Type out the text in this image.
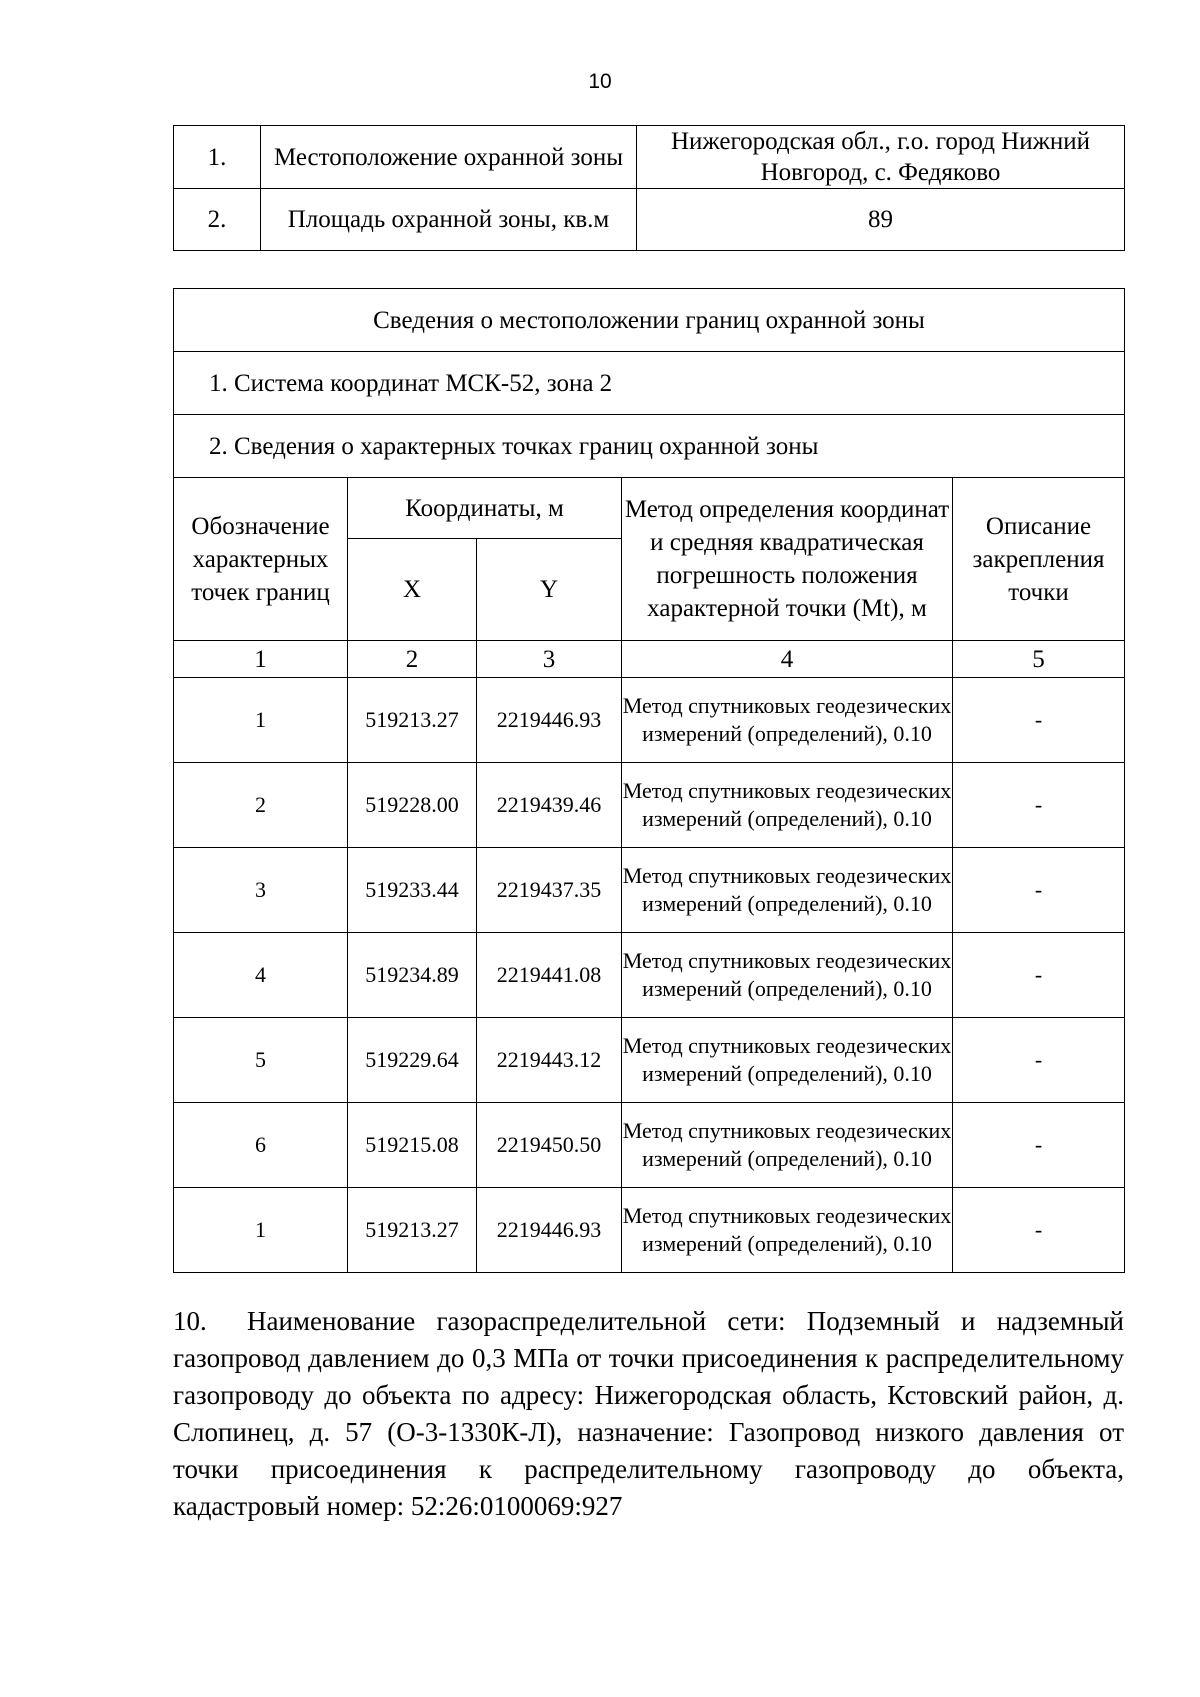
10
1.	Местоположение охранной зоны	Нижегородская обл., г.о. город Нижний Новгород, с. Федяково
2.	Площадь охранной зоны, кв.м	89
Сведения о местоположении границ охранной зоны				
1. Система координат МСК-52, зона 2				
2. Сведения о характерных точках границ охранной зоны				
Обозначение характерных точек границ	Координаты, м		Метод определения координат и средняя квадратическая погрешность положения характерной точки (Mt), м	Описание закрепления точки
	X	Y		
1	2	3	4	5
1	519213.27	2219446.93	Метод спутниковых геодезических измерений (определений), 0.10	-
2	519228.00	2219439.46	Метод спутниковых геодезических измерений (определений), 0.10	-
3	519233.44	2219437.35	Метод спутниковых геодезических измерений (определений), 0.10	-
4	519234.89	2219441.08	Метод спутниковых геодезических измерений (определений), 0.10	-
5	519229.64	2219443.12	Метод спутниковых геодезических измерений (определений), 0.10	-
6	519215.08	2219450.50	Метод спутниковых геодезических измерений (определений), 0.10	-
1	519213.27	2219446.93	Метод спутниковых геодезических измерений (определений), 0.10	-

10. Наименование газораспределительной сети: Подземный и надземный газопровод давлением до 0,3 МПа от точки присоединения к распределительному газопроводу до объекта по адресу: Нижегородская область, Кстовский район, д. Слопинец, д. 57 (О-3-1330К-Л), назначение: Газопровод низкого давления от точки присоединения к распределительному газопроводу до объекта, кадастровый номер: 52:26:0100069:927
